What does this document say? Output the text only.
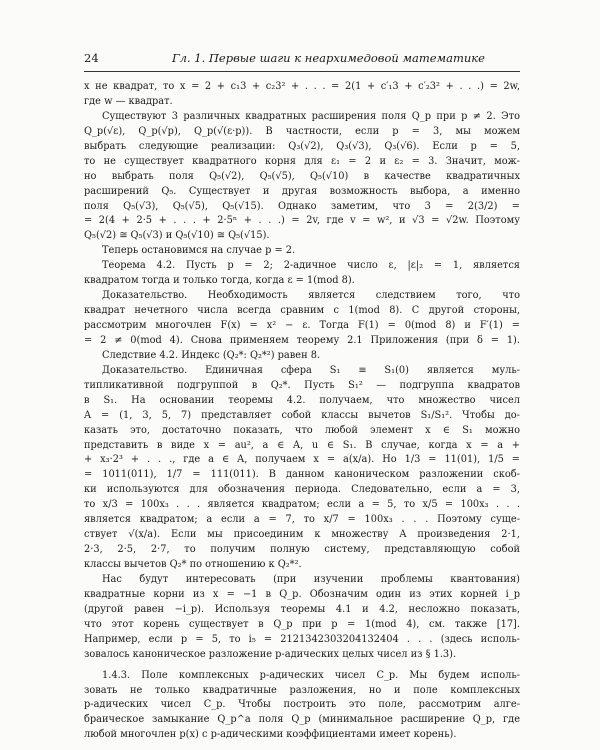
24	Гл. 1. Первые шаги к неархимедовой математике
x не квадрат, то x = 2 + c₁3 + c₂3² + . . . = 2(1 + c′₁3 + c′₂3² + . . .) = 2w,
где w — квадрат.
Существуют 3 различных квадратных расширения поля Q_p при p ≠ 2. Это
Q_p(√ε), Q_p(√p), Q_p(√(ε·p)). В частности, если p = 3, мы можем
выбрать следующие реализации: Q₃(√2), Q₃(√3), Q₃(√6). Если p = 5,
то не существует квадратного корня для ε₁ = 2 и ε₂ = 3. Значит, мож-
но выбрать поля Q₅(√2), Q₅(√5), Q₅(√10) в качестве квадратичных
расширений Q₅. Существует и другая возможность выбора, а именно
поля Q₅(√3), Q₅(√5), Q₅(√15). Однако заметим, что 3 = 2(3/2) =
= 2(4 + 2·5 + . . . + 2·5ⁿ + . . .) = 2v, где v = w², и √3 = √2w. Поэтому
Q₅(√2) ≅ Q₅(√3) и Q₅(√10) ≅ Q₅(√15).
Теперь остановимся на случае p = 2.
Теорема 4.2. Пусть p = 2; 2-адичное число ε, |ε|₂ = 1, является
квадратом тогда и только тогда, когда ε = 1(mod 8).
Доказательство. Необходимость является следствием того, что
квадрат нечетного числа всегда сравним с 1(mod 8). С другой стороны,
рассмотрим многочлен F(x) = x² − ε. Тогда F(1) = 0(mod 8) и F′(1) =
= 2 ≠ 0(mod 4). Снова применяем теорему 2.1 Приложения (при δ = 1).
Следствие 4.2. Индекс (Q₂*: Q₂*²) равен 8.
Доказательство. Единичная сфера S₁ ≡ S₁(0) является муль-
типликативной подгруппой в Q₂*. Пусть S₁² — подгруппа квадратов
в S₁. На основании теоремы 4.2. получаем, что множество чисел
A = (1, 3, 5, 7) представляет собой классы вычетов S₁/S₁². Чтобы до-
казать это, достаточно показать, что любой элемент x ∈ S₁ можно
представить в виде x = au², a ∈ A, u ∈ S₁. В случае, когда x = a +
+ x₃·2³ + . . ., где a ∈ A, получаем x = a(x/a). Но 1/3 = 11(01), 1/5 =
= 1011(011), 1/7 = 111(011). В данном каноническом разложении скоб-
ки используются для обозначения периода. Следовательно, если a = 3,
то x/3 = 100x₃ . . . является квадратом; если a = 5, то x/5 = 100x₃ . . .
является квадратом; а если a = 7, то x/7 = 100x₃ . . . Поэтому суще-
ствует √(x/a). Если мы присоединим к множеству A произведения 2·1,
2·3, 2·5, 2·7, то получим полную систему, представляющую собой
классы вычетов Q₂* по отношению к Q₂*².
Нас будут интересовать (при изучении проблемы квантования)
квадратные корни из x = −1 в Q_p. Обозначим один из этих корней i_p
(другой равен −i_p). Используя теоремы 4.1 и 4.2, несложно показать,
что этот корень существует в Q_p при p = 1(mod 4), см. также [17].
Например, если p = 5, то i₅ = 2121342303204132404 . . . (здесь исполь-
зовалось каноническое разложение p-адических целых чисел из § 1.3).
1.4.3. Поле комплексных p-адических чисел C_p. Мы будем исполь-
зовать не только квадратичные разложения, но и поле комплексных
p-адических чисел C_p. Чтобы построить это поле, рассмотрим алге-
браическое замыкание Q_p^a поля Q_p (минимальное расширение Q_p, где
любой многочлен p(x) с p-адическими коэффициентами имеет корень).
